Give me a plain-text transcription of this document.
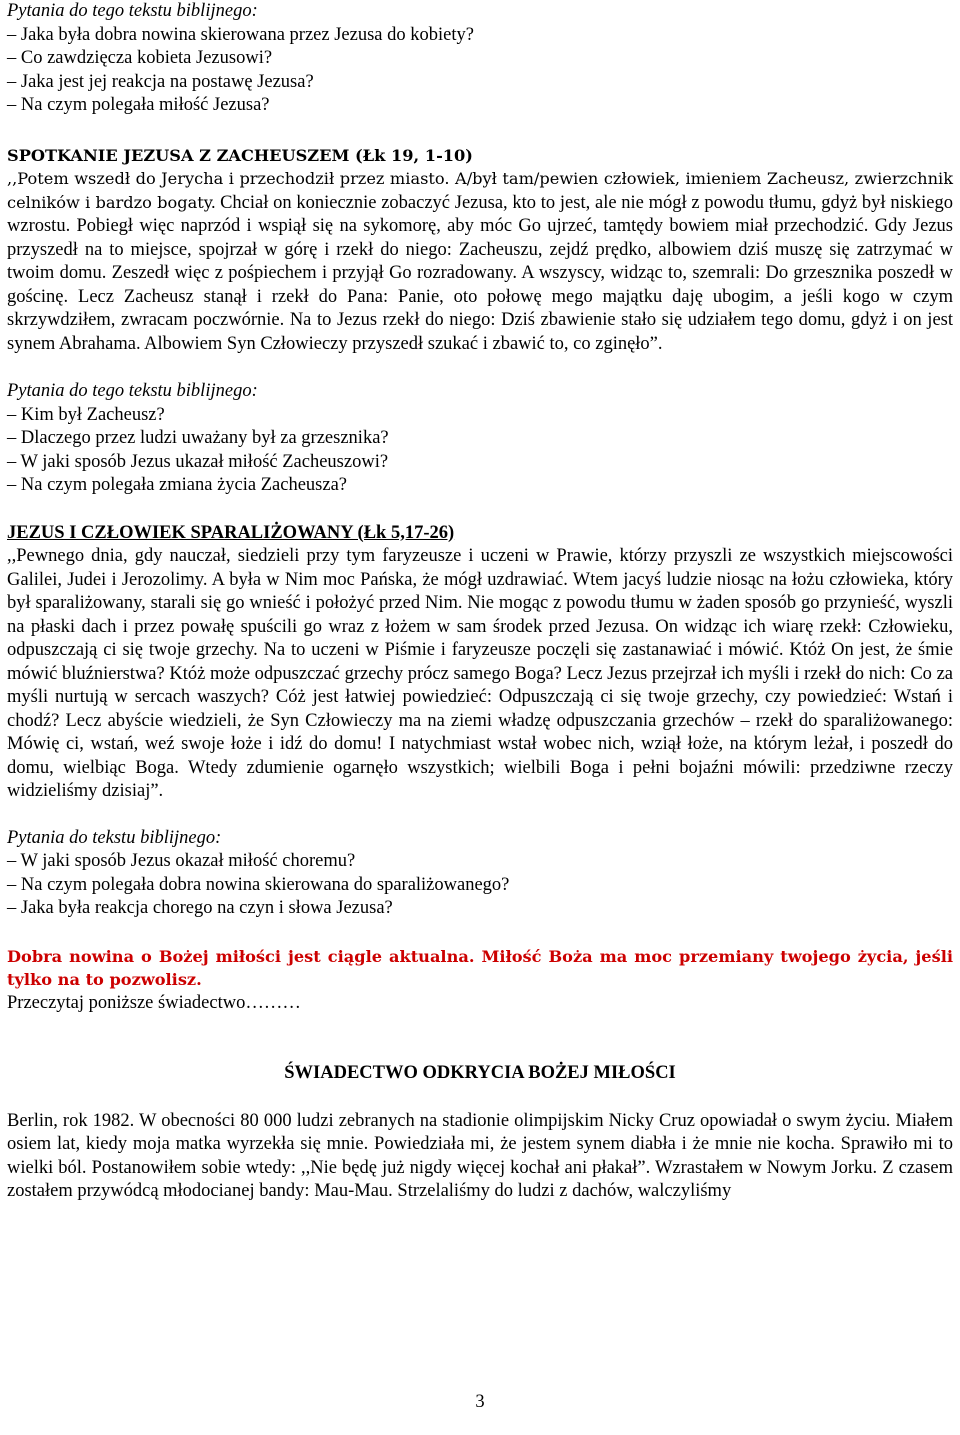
Pytania do tego tekstu biblijnego:

– Jaka była dobra nowina skierowana przez Jezusa do kobiety?
– Co zawdzięcza kobieta Jezusowi?
– Jaka jest jej reakcja na postawę Jezusa?
– Na czym polegała miłość Jezusa?

SPOTKANIE JEZUSA Z ZACHEUSZEM (Łk 19, 1-10)

,,Potem wszedł do Jerycha i przechodził przez miasto. A/był tam/pewien człowiek, imieniem Zacheusz, zwierzchnik celników i bardzo bogaty. Chciał on koniecznie zobaczyć Jezusa, kto to jest, ale nie mógł z powodu tłumu, gdyż był niskiego wzrostu. Pobiegł więc naprzód i wspiął się na sykomorę, aby móc Go ujrzeć, tamtędy bowiem miał przechodzić. Gdy Jezus przyszedł na to miejsce, spojrzał w górę i rzekł do niego: Zacheuszu, zejdź prędko, albowiem dziś muszę się zatrzymać w twoim domu. Zeszedł więc z pośpiechem i przyjął Go rozradowany. A wszyscy, widząc to, szemrali: Do grzesznika poszedł w gościnę. Lecz Zacheusz stanął i rzekł do Pana: Panie, oto połowę mego majątku daję ubogim, a jeśli kogo w czym skrzywdziłem, zwracam poczwórnie. Na to Jezus rzekł do niego: Dziś zbawienie stało się udziałem tego domu, gdyż i on jest synem Abrahama. Albowiem Syn Człowieczy przyszedł szukać i zbawić to, co zginęło”.

Pytania do tego tekstu biblijnego:

– Kim był Zacheusz?
– Dlaczego przez ludzi uważany był za grzesznika?
– W jaki sposób Jezus ukazał miłość Zacheuszowi?
– Na czym polegała zmiana życia Zacheusza?

JEZUS I CZŁOWIEK SPARALIŻOWANY (Łk 5,17-26)

,,Pewnego dnia, gdy nauczał, siedzieli przy tym faryzeusze i uczeni w Prawie, którzy przyszli ze wszystkich miejscowości Galilei, Judei i Jerozolimy. A była w Nim moc Pańska, że mógł uzdrawiać. Wtem jacyś ludzie niosąc na łożu człowieka, który był sparaliżowany, starali się go wnieść i położyć przed Nim. Nie mogąc z powodu tłumu w żaden sposób go przynieść, wyszli na płaski dach i przez powałę spuścili go wraz z łożem w sam środek przed Jezusa. On widząc ich wiarę rzekł: Człowieku, odpuszczają ci się twoje grzechy. Na to uczeni w Piśmie i faryzeusze poczęli się zastanawiać i mówić. Któż On jest, że śmie mówić bluźnierstwa? Któż może odpuszczać grzechy prócz samego Boga? Lecz Jezus przejrzał ich myśli i rzekł do nich: Co za myśli nurtują w sercach waszych? Cóż jest łatwiej powiedzieć: Odpuszczają ci się twoje grzechy, czy powiedzieć: Wstań i chodź? Lecz abyście wiedzieli, że Syn Człowieczy ma na ziemi władzę odpuszczania grzechów – rzekł do sparaliżowanego: Mówię ci, wstań, weź swoje łoże i idź do domu! I natychmiast wstał wobec nich, wziął łoże, na którym leżał, i poszedł do domu, wielbiąc Boga. Wtedy zdumienie ogarnęło wszystkich; wielbili Boga i pełni bojaźni mówili: przedziwne rzeczy widzieliśmy dzisiaj”.

Pytania do tekstu biblijnego:

– W jaki sposób Jezus okazał miłość choremu?
– Na czym polegała dobra nowina skierowana do sparaliżowanego?
– Jaka była reakcja chorego na czyn i słowa Jezusa?

Dobra nowina o Bożej miłości jest ciągle aktualna. Miłość Boża ma moc przemiany twojego życia, jeśli tylko na to pozwolisz.

Przeczytaj poniższe świadectwo………

ŚWIADECTWO ODKRYCIA BOŻEJ MIŁOŚCI

Berlin, rok 1982. W obecności 80 000 ludzi zebranych na stadionie olimpijskim Nicky Cruz opowiadał o swym życiu. Miałem osiem lat, kiedy moja matka wyrzekła się mnie. Powiedziała mi, że jestem synem diabła i że mnie nie kocha. Sprawiło mi to wielki ból. Postanowiłem sobie wtedy: ,,Nie będę już nigdy więcej kochał ani płakał”. Wzrastałem w Nowym Jorku. Z czasem zostałem przywódcą młodocianej bandy: Mau-Mau. Strzelaliśmy do ludzi z dachów, walczyliśmy

3
